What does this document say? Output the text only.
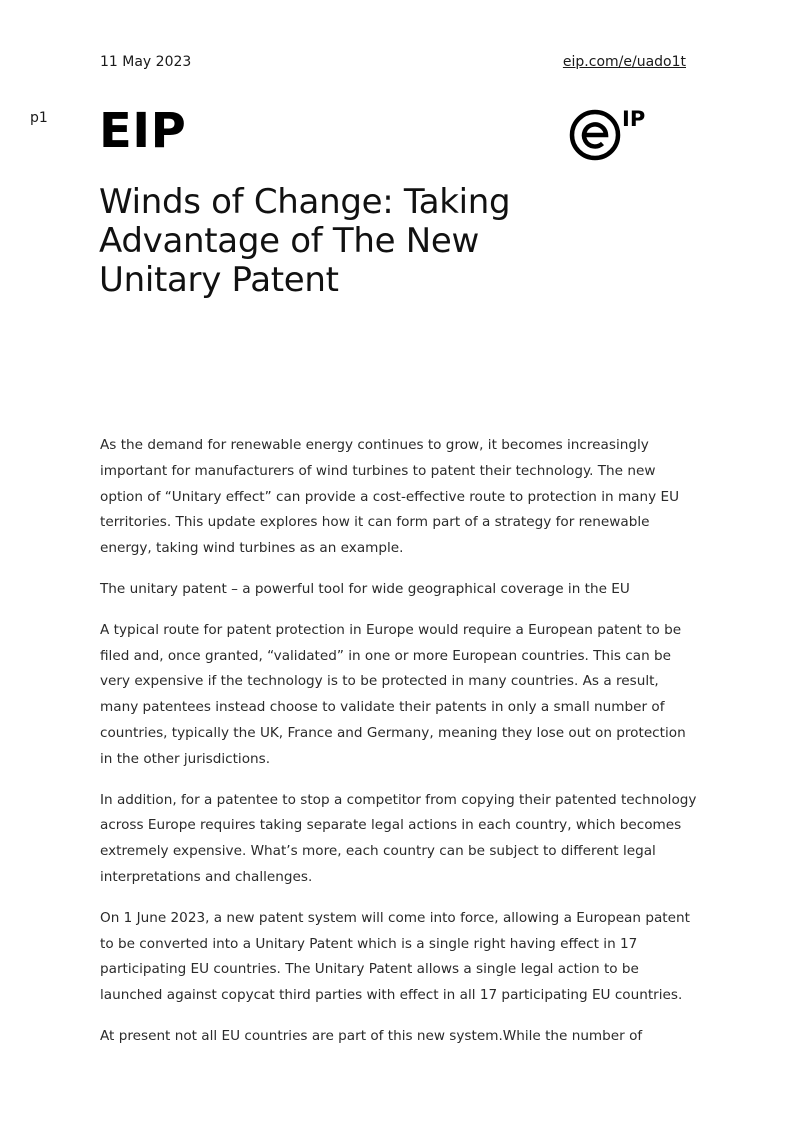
11 May 2023	eip.com/e/uado1t
p1 EIP	IP
Winds of Change: Taking Advantage of The New Unitary Patent

As the demand for renewable energy continues to grow, it becomes increasingly important for manufacturers of wind turbines to patent their technology. The new option of “Unitary effect” can provide a cost-effective route to protection in many EU territories. This update explores how it can form part of a strategy for renewable energy, taking wind turbines as an example.

The unitary patent – a powerful tool for wide geographical coverage in the EU

A typical route for patent protection in Europe would require a European patent to be filed and, once granted, “validated” in one or more European countries. This can be very expensive if the technology is to be protected in many countries. As a result, many patentees instead choose to validate their patents in only a small number of countries, typically the UK, France and Germany, meaning they lose out on protection in the other jurisdictions.

In addition, for a patentee to stop a competitor from copying their patented technology across Europe requires taking separate legal actions in each country, which becomes extremely expensive. What’s more, each country can be subject to different legal interpretations and challenges.

On 1 June 2023, a new patent system will come into force, allowing a European patent to be converted into a Unitary Patent which is a single right having effect in 17 participating EU countries. The Unitary Patent allows a single legal action to be launched against copycat third parties with effect in all 17 participating EU countries.

At present not all EU countries are part of this new system.While the number of
